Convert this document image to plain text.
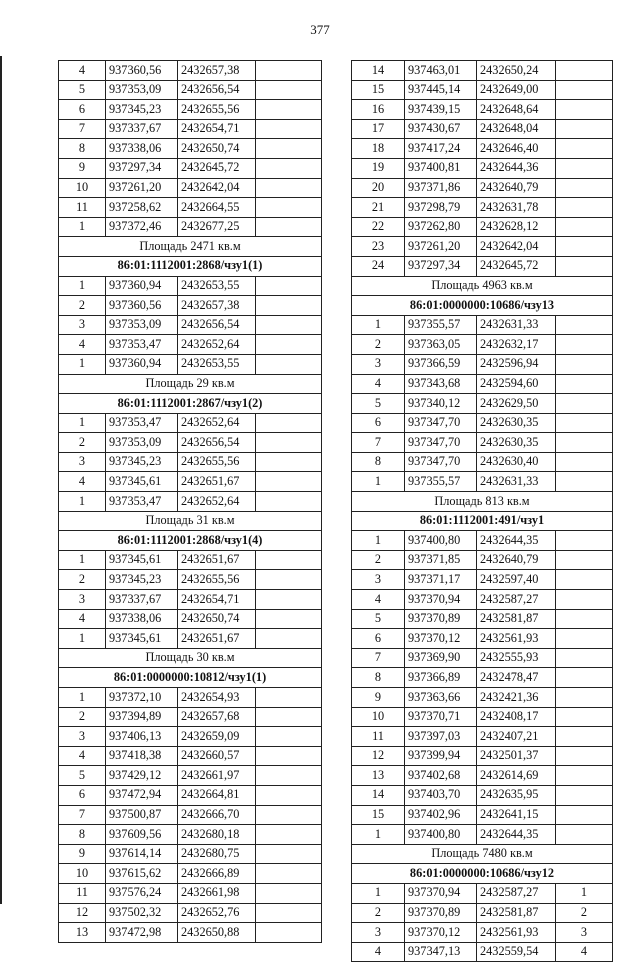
377
4	937360,56	2432657,38	
5	937353,09	2432656,54	
6	937345,23	2432655,56	
7	937337,67	2432654,71	
8	937338,06	2432650,74	
9	937297,34	2432645,72	
10	937261,20	2432642,04	
11	937258,62	2432664,55	
1	937372,46	2432677,25	
Площадь 2471 кв.м			
86:01:1112001:2868/чзу1(1)			
1	937360,94	2432653,55	
2	937360,56	2432657,38	
3	937353,09	2432656,54	
4	937353,47	2432652,64	
1	937360,94	2432653,55	
Площадь 29 кв.м			
86:01:1112001:2867/чзу1(2)			
1	937353,47	2432652,64	
2	937353,09	2432656,54	
3	937345,23	2432655,56	
4	937345,61	2432651,67	
1	937353,47	2432652,64	
Площадь 31 кв.м			
86:01:1112001:2868/чзу1(4)			
1	937345,61	2432651,67	
2	937345,23	2432655,56	
3	937337,67	2432654,71	
4	937338,06	2432650,74	
1	937345,61	2432651,67	
Площадь 30 кв.м			
86:01:0000000:10812/чзу1(1)			
1	937372,10	2432654,93	
2	937394,89	2432657,68	
3	937406,13	2432659,09	
4	937418,38	2432660,57	
5	937429,12	2432661,97	
6	937472,94	2432664,81	
7	937500,87	2432666,70	
8	937609,56	2432680,18	
9	937614,14	2432680,75	
10	937615,62	2432666,89	
11	937576,24	2432661,98	
12	937502,32	2432652,76	
13	937472,98	2432650,88	
14	937463,01	2432650,24	
15	937445,14	2432649,00	
16	937439,15	2432648,64	
17	937430,67	2432648,04	
18	937417,24	2432646,40	
19	937400,81	2432644,36	
20	937371,86	2432640,79	
21	937298,79	2432631,78	
22	937262,80	2432628,12	
23	937261,20	2432642,04	
24	937297,34	2432645,72	
Площадь 4963 кв.м			
86:01:0000000:10686/чзу13			
1	937355,57	2432631,33	
2	937363,05	2432632,17	
3	937366,59	2432596,94	
4	937343,68	2432594,60	
5	937340,12	2432629,50	
6	937347,70	2432630,35	
7	937347,70	2432630,35	
8	937347,70	2432630,40	
1	937355,57	2432631,33	
Площадь 813 кв.м			
86:01:1112001:491/чзу1			
1	937400,80	2432644,35	
2	937371,85	2432640,79	
3	937371,17	2432597,40	
4	937370,94	2432587,27	
5	937370,89	2432581,87	
6	937370,12	2432561,93	
7	937369,90	2432555,93	
8	937366,89	2432478,47	
9	937363,66	2432421,36	
10	937370,71	2432408,17	
11	937397,03	2432407,21	
12	937399,94	2432501,37	
13	937402,68	2432614,69	
14	937403,70	2432635,95	
15	937402,96	2432641,15	
1	937400,80	2432644,35	
Площадь 7480 кв.м			
86:01:0000000:10686/чзу12			
1	937370,94	2432587,27	1
2	937370,89	2432581,87	2
3	937370,12	2432561,93	3
4	937347,13	2432559,54	4
